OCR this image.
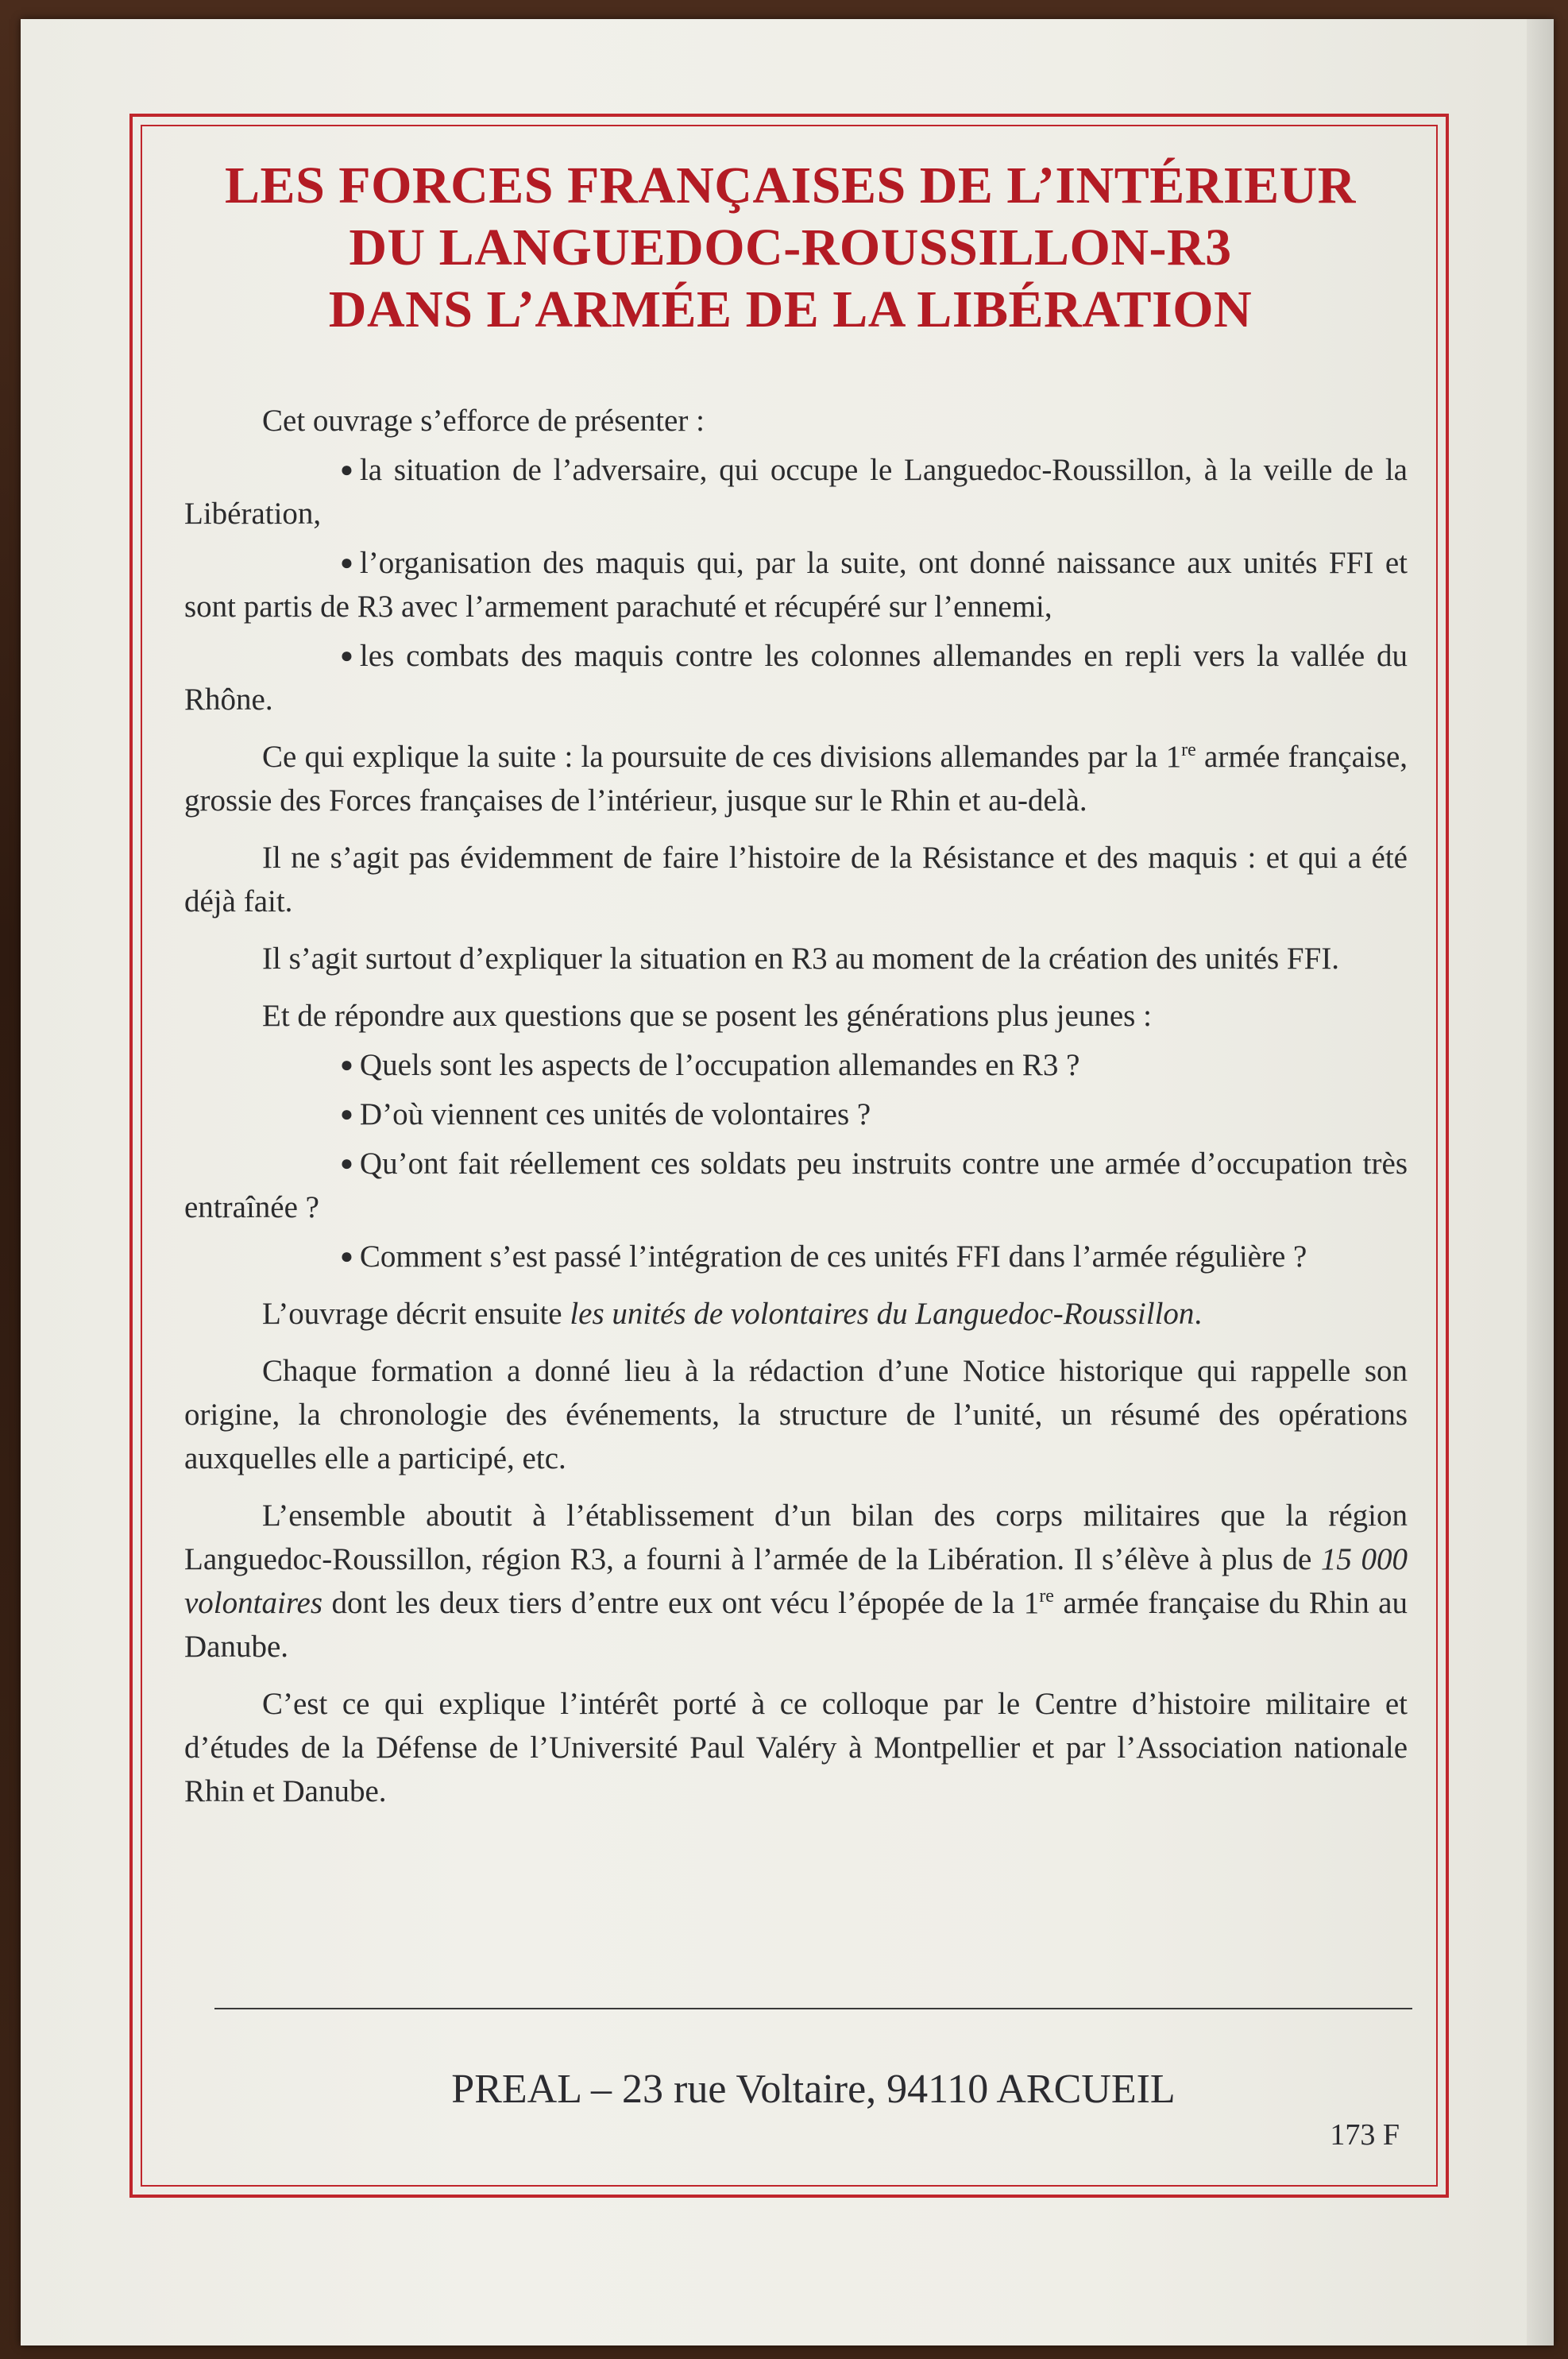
LES FORCES FRANÇAISES DE L’INTÉRIEUR
DU LANGUEDOC-ROUSSILLON-R3
DANS L’ARMÉE DE LA LIBÉRATION

Cet ouvrage s’efforce de présenter :

● la situation de l’adversaire, qui occupe le Languedoc-Roussillon, à la veille de la Libération,

● l’organisation des maquis qui, par la suite, ont donné naissance aux unités FFI et sont partis de R3 avec l’armement parachuté et récupéré sur l’ennemi,

● les combats des maquis contre les colonnes allemandes en repli vers la vallée du Rhône.

Ce qui explique la suite : la poursuite de ces divisions allemandes par la 1re armée française, grossie des Forces françaises de l’intérieur, jusque sur le Rhin et au-delà.

Il ne s’agit pas évidemment de faire l’histoire de la Résistance et des maquis : et qui a été déjà fait.

Il s’agit surtout d’expliquer la situation en R3 au moment de la création des unités FFI.

Et de répondre aux questions que se posent les générations plus jeunes :

● Quels sont les aspects de l’occupation allemandes en R3 ?

● D’où viennent ces unités de volontaires ?

● Qu’ont fait réellement ces soldats peu instruits contre une armée d’occupation très entraînée ?

● Comment s’est passé l’intégration de ces unités FFI dans l’armée régulière ?

L’ouvrage décrit ensuite les unités de volontaires du Languedoc-Roussillon.

Chaque formation a donné lieu à la rédaction d’une Notice historique qui rappelle son origine, la chronologie des événements, la structure de l’unité, un résumé des opérations auxquelles elle a participé, etc.

L’ensemble aboutit à l’établissement d’un bilan des corps militaires que la région Languedoc-Roussillon, région R3, a fourni à l’armée de la Libération. Il s’élève à plus de 15 000 volontaires dont les deux tiers d’entre eux ont vécu l’épopée de la 1re armée française du Rhin au Danube.

C’est ce qui explique l’intérêt porté à ce colloque par le Centre d’histoire militaire et d’études de la Défense de l’Université Paul Valéry à Montpellier et par l’Association nationale Rhin et Danube.

PREAL – 23 rue Voltaire, 94110 ARCUEIL
173 F
